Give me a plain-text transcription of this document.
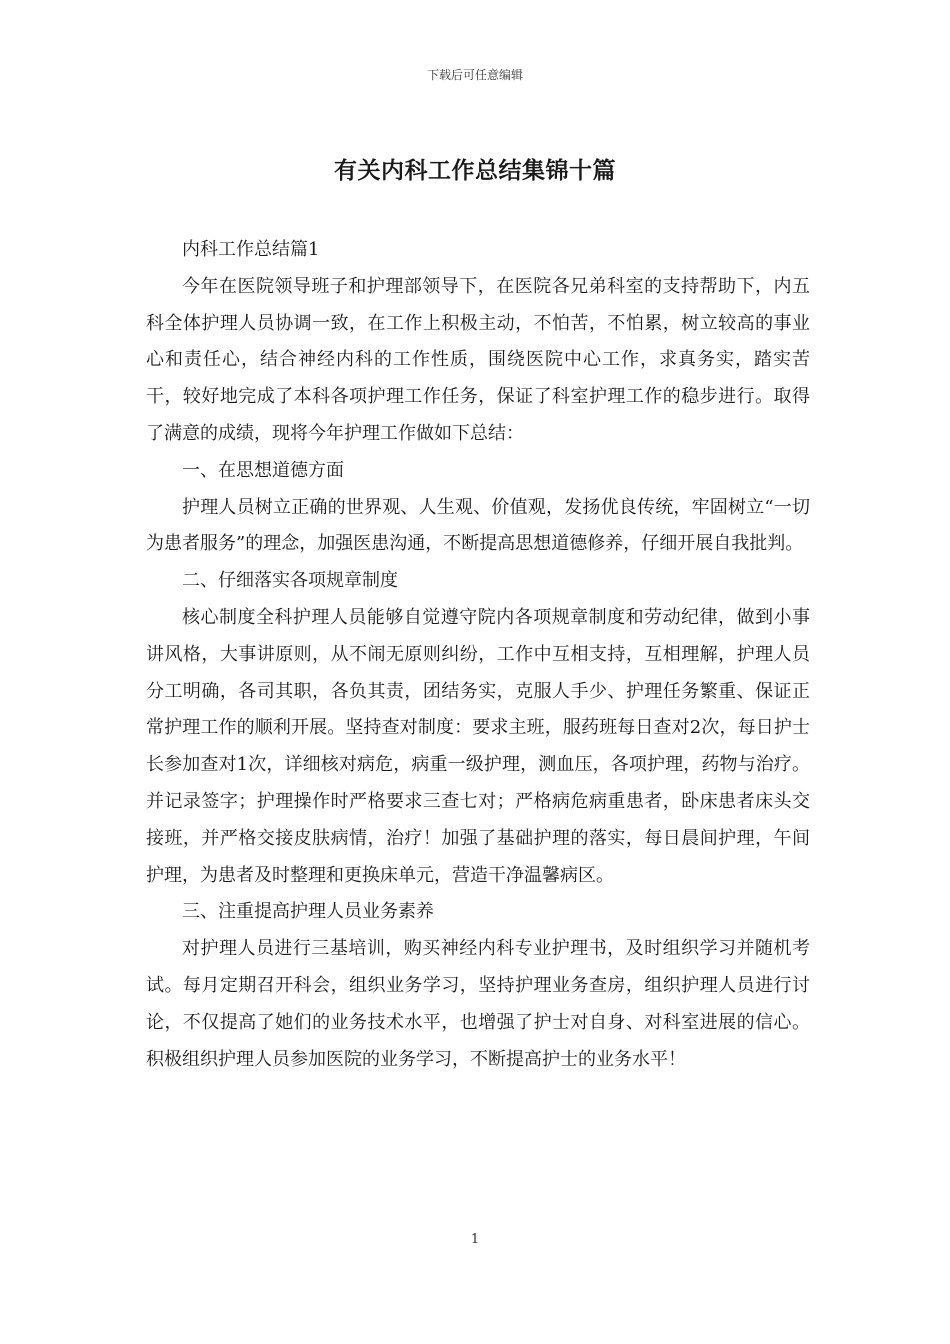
下载后可任意编辑
有关内科工作总结集锦十篇

内科工作总结篇1

今年在医院领导班子和护理部领导下，在医院各兄弟科室的支持帮助下，内五科全体护理人员协调一致，在工作上积极主动，不怕苦，不怕累，树立较高的事业心和责任心，结合神经内科的工作性质，围绕医院中心工作，求真务实，踏实苦干，较好地完成了本科各项护理工作任务，保证了科室护理工作的稳步进行。取得了满意的成绩，现将今年护理工作做如下总结：

一、在思想道德方面

护理人员树立正确的世界观、人生观、价值观，发扬优良传统，牢固树立“一切为患者服务”的理念，加强医患沟通，不断提高思想道德修养，仔细开展自我批判。

二、仔细落实各项规章制度

核心制度全科护理人员能够自觉遵守院内各项规章制度和劳动纪律，做到小事讲风格，大事讲原则，从不闹无原则纠纷，工作中互相支持，互相理解，护理人员分工明确，各司其职，各负其责，团结务实，克服人手少、护理任务繁重、保证正常护理工作的顺利开展。坚持查对制度：要求主班，服药班每日查对2次，每日护士长参加查对1次，详细核对病危，病重一级护理，测血压，各项护理，药物与治疗。并记录签字；护理操作时严格要求三查七对；严格病危病重患者，卧床患者床头交接班，并严格交接皮肤病情，治疗！加强了基础护理的落实，每日晨间护理，午间护理，为患者及时整理和更换床单元，营造干净温馨病区。

三、注重提高护理人员业务素养

对护理人员进行三基培训，购买神经内科专业护理书，及时组织学习并随机考试。每月定期召开科会，组织业务学习，坚持护理业务查房，组织护理人员进行讨论，不仅提高了她们的业务技术水平，也增强了护士对自身、对科室进展的信心。积极组织护理人员参加医院的业务学习，不断提高护士的业务水平！

1
